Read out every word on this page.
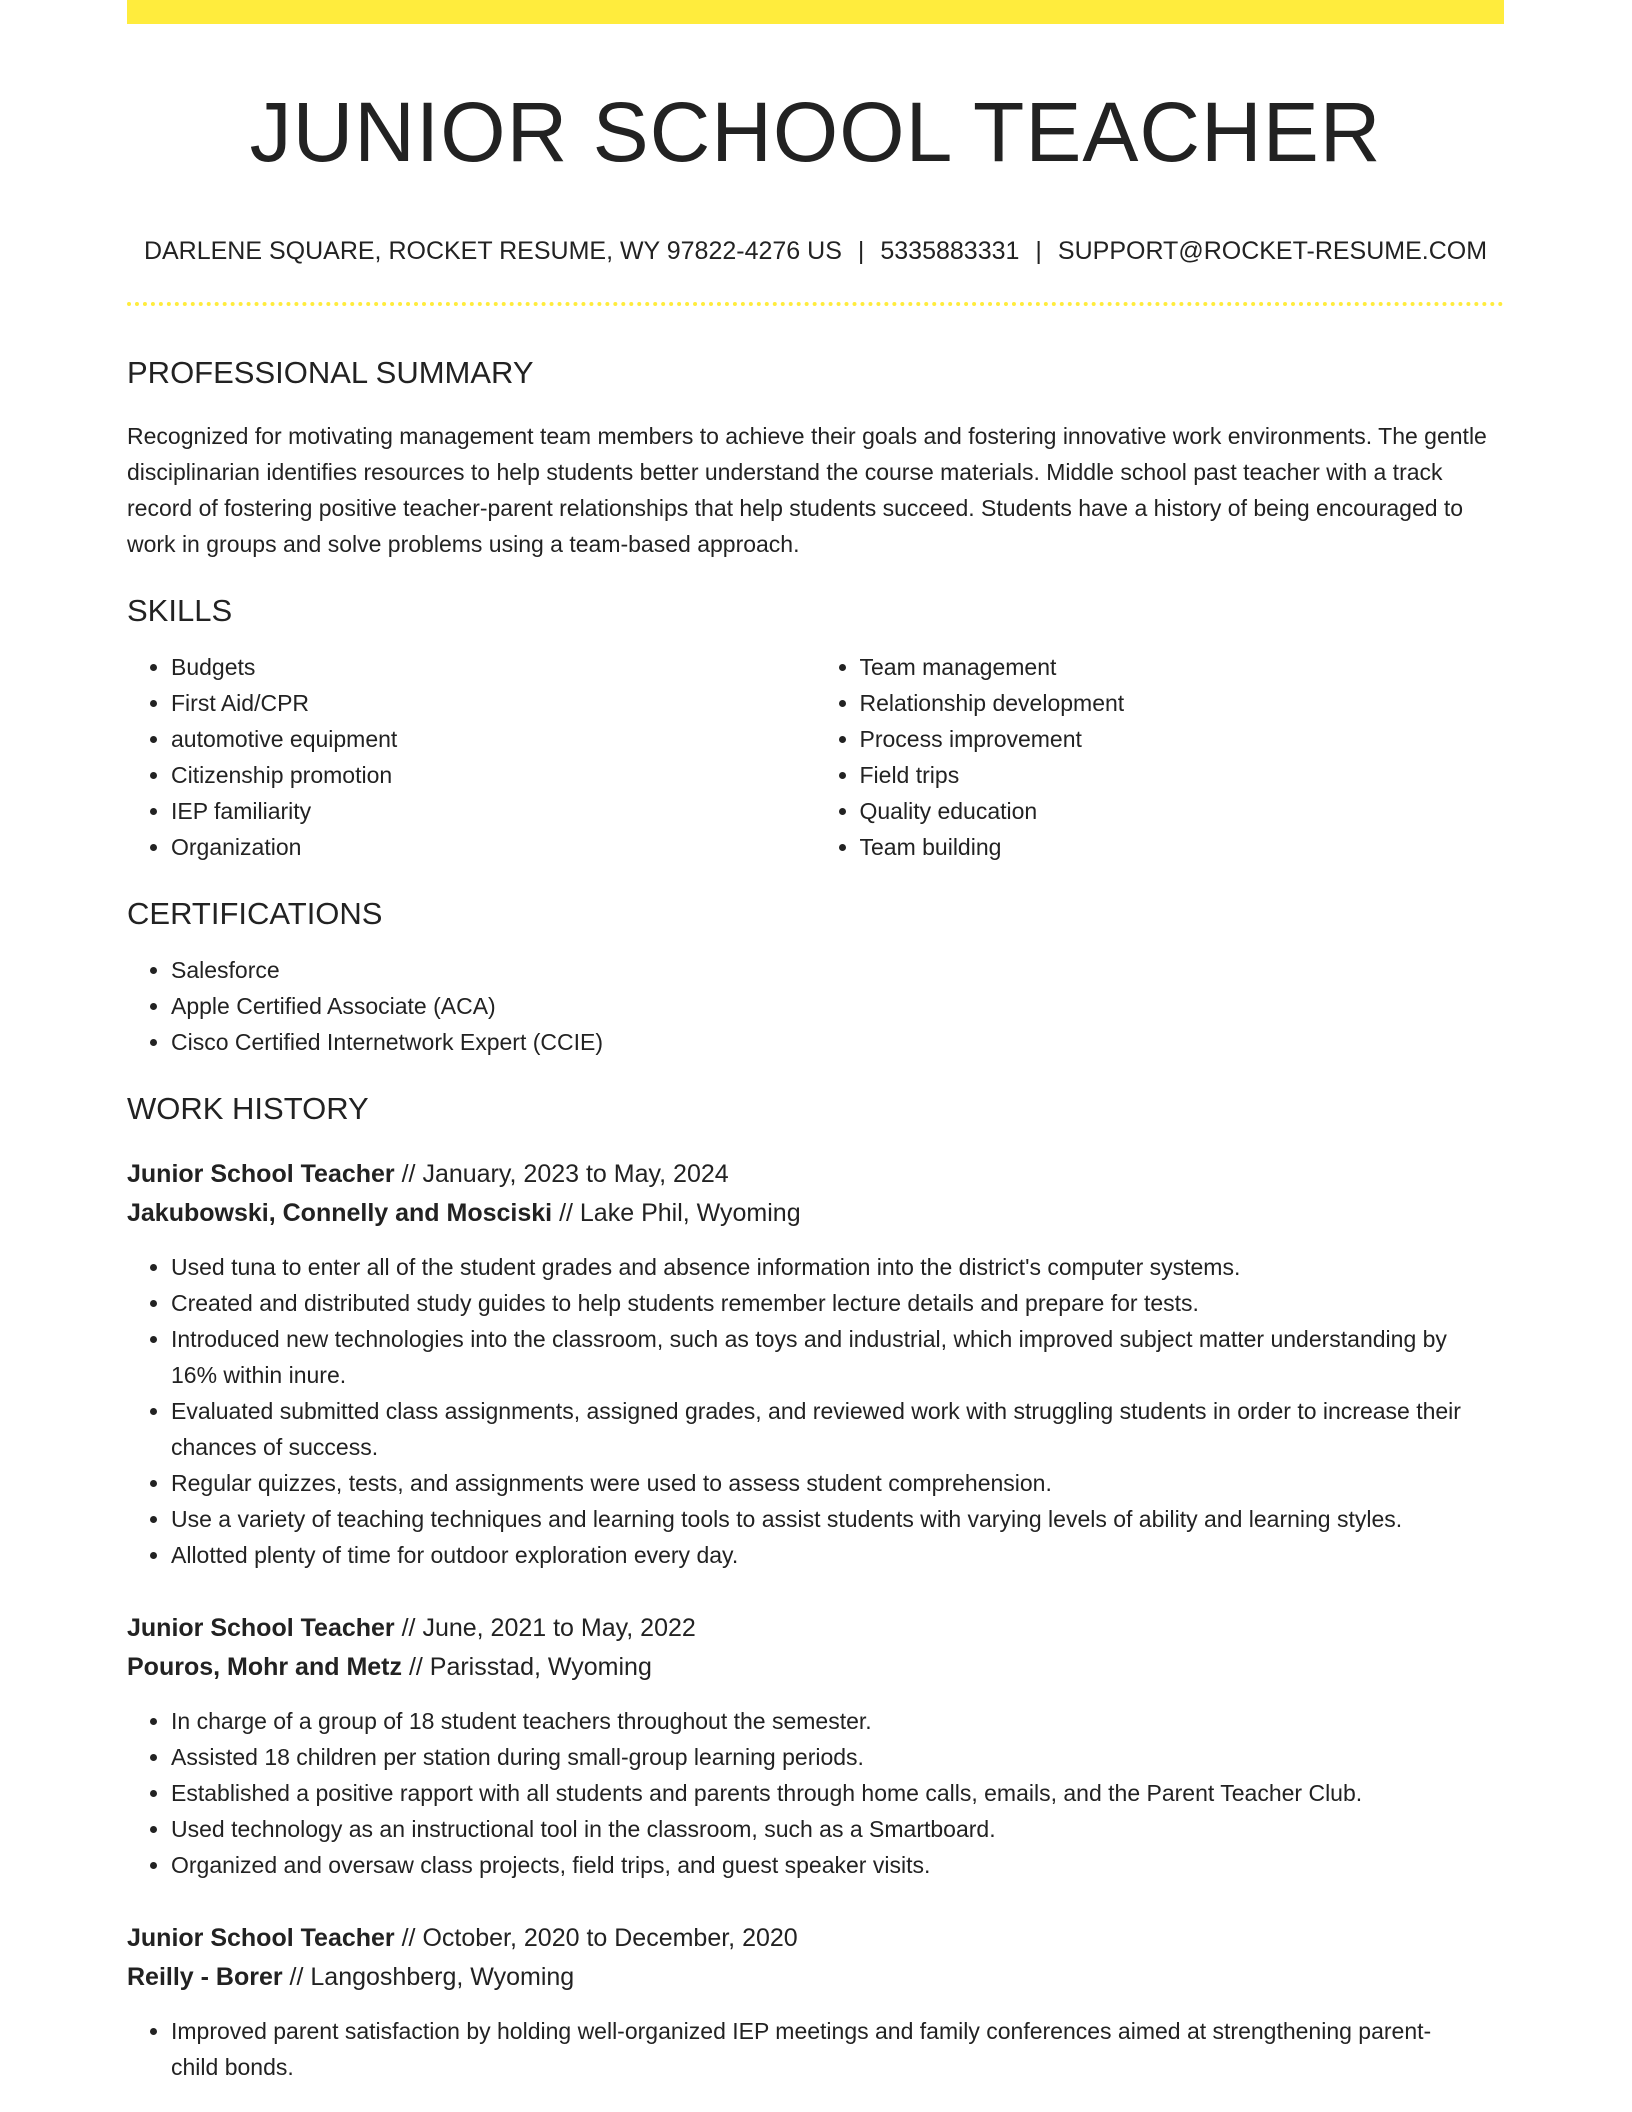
JUNIOR SCHOOL TEACHER
DARLENE SQUARE, ROCKET RESUME, WY 97822-4276 US | 5335883331 | SUPPORT@ROCKET-RESUME.COM
PROFESSIONAL SUMMARY
Recognized for motivating management team members to achieve their goals and fostering innovative work environments. The gentle disciplinarian identifies resources to help students better understand the course materials. Middle school past teacher with a track record of fostering positive teacher-parent relationships that help students succeed. Students have a history of being encouraged to work in groups and solve problems using a team-based approach.
SKILLS
• Budgets
• First Aid/CPR
• automotive equipment
• Citizenship promotion
• IEP familiarity
• Organization
• Team management
• Relationship development
• Process improvement
• Field trips
• Quality education
• Team building
CERTIFICATIONS
• Salesforce
• Apple Certified Associate (ACA)
• Cisco Certified Internetwork Expert (CCIE)
WORK HISTORY
Junior School Teacher // January, 2023 to May, 2024
Jakubowski, Connelly and Mosciski // Lake Phil, Wyoming
• Used tuna to enter all of the student grades and absence information into the district's computer systems.
• Created and distributed study guides to help students remember lecture details and prepare for tests.
• Introduced new technologies into the classroom, such as toys and industrial, which improved subject matter understanding by 16% within inure.
• Evaluated submitted class assignments, assigned grades, and reviewed work with struggling students in order to increase their chances of success.
• Regular quizzes, tests, and assignments were used to assess student comprehension.
• Use a variety of teaching techniques and learning tools to assist students with varying levels of ability and learning styles.
• Allotted plenty of time for outdoor exploration every day.
Junior School Teacher // June, 2021 to May, 2022
Pouros, Mohr and Metz // Parisstad, Wyoming
• In charge of a group of 18 student teachers throughout the semester.
• Assisted 18 children per station during small-group learning periods.
• Established a positive rapport with all students and parents through home calls, emails, and the Parent Teacher Club.
• Used technology as an instructional tool in the classroom, such as a Smartboard.
• Organized and oversaw class projects, field trips, and guest speaker visits.
Junior School Teacher // October, 2020 to December, 2020
Reilly - Borer // Langoshberg, Wyoming
• Improved parent satisfaction by holding well-organized IEP meetings and family conferences aimed at strengthening parent-child bonds.
